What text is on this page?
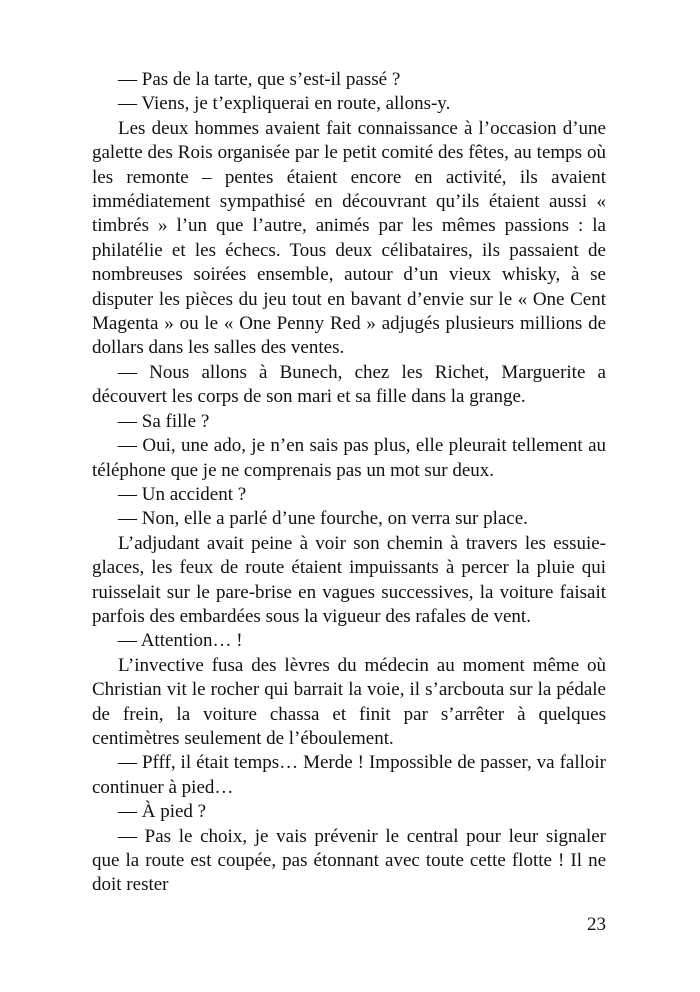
— Pas de la tarte, que s’est-il passé ?

— Viens, je t’expliquerai en route, allons-y.

Les deux hommes avaient fait connaissance à l’occasion d’une galette des Rois organisée par le petit comité des fêtes, au temps où les remonte – pentes étaient encore en activité, ils avaient immédiatement sympathisé en découvrant qu’ils étaient aussi « timbrés » l’un que l’autre, animés par les mêmes passions : la philatélie et les échecs. Tous deux célibataires, ils passaient de nombreuses soirées ensemble, autour d’un vieux whisky, à se disputer les pièces du jeu tout en bavant d’envie sur le « One Cent Magenta » ou le « One Penny Red » adjugés plusieurs millions de dollars dans les salles des ventes.

— Nous allons à Bunech, chez les Richet, Marguerite a découvert les corps de son mari et sa fille dans la grange.

— Sa fille ?

— Oui, une ado, je n’en sais pas plus, elle pleurait tellement au téléphone que je ne comprenais pas un mot sur deux.

— Un accident ?

— Non, elle a parlé d’une fourche, on verra sur place.

L’adjudant avait peine à voir son chemin à travers les essuie-glaces, les feux de route étaient impuissants à percer la pluie qui ruisselait sur le pare-brise en vagues successives, la voiture faisait parfois des embardées sous la vigueur des rafales de vent.

— Attention… !

L’invective fusa des lèvres du médecin au moment même où Christian vit le rocher qui barrait la voie, il s’arcbouta sur la pédale de frein, la voiture chassa et finit par s’arrêter à quelques centimètres seulement de l’éboulement.

— Pfff, il était temps… Merde ! Impossible de passer, va falloir continuer à pied…

— À pied ?

— Pas le choix, je vais prévenir le central pour leur signaler que la route est coupée, pas étonnant avec toute cette flotte ! Il ne doit rester

23
